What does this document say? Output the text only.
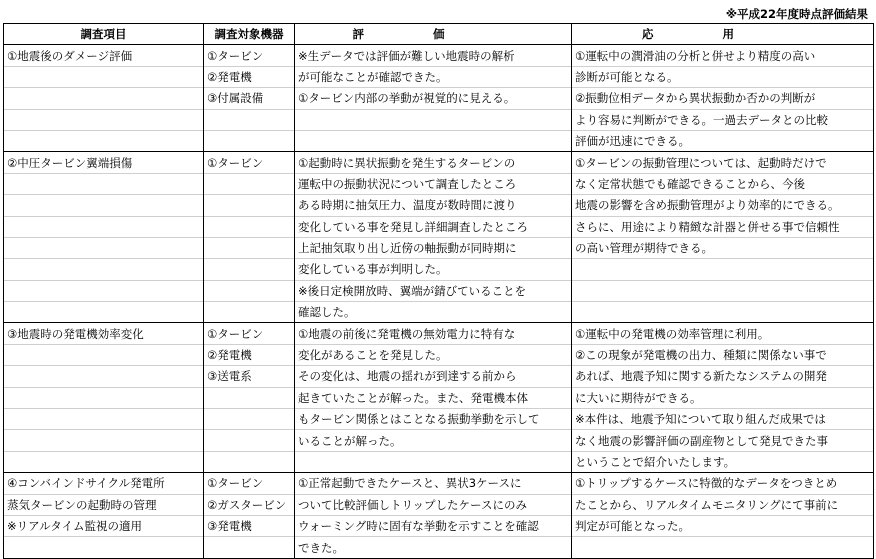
※平成22年度時点評価結果
調査項目	調査対象機器	評価	応用
①地震後のダメージ評価	①タービン	※生データでは評価が難しい地震時の解析	①運転中の潤滑油の分析と併せより精度の高い
	②発電機	が可能なことが確認できた。	診断が可能となる。
	③付属設備	①タービン内部の挙動が視覚的に見える。	②振動位相データから異状振動か否かの判断が
			より容易に判断ができる。一過去データとの比較
			評価が迅速にできる。
②中圧タービン翼端損傷	①タービン	①起動時に異状振動を発生するタービンの	①タービンの振動管理については、起動時だけで
		運転中の振動状況について調査したところ	なく定常状態でも確認できることから、今後
		ある時期に抽気圧力、温度が数時間に渡り	地震の影響を含め振動管理がより効率的にできる。
		変化している事を発見し詳細調査したところ	さらに、用途により精緻な計器と併せる事で信頼性
		上記抽気取り出し近傍の軸振動が同時期に	の高い管理が期待できる。
		変化している事が判明した。	
		※後日定検開放時、翼端が錆びていることを	
		確認した。	
③地震時の発電機効率変化	①タービン	①地震の前後に発電機の無効電力に特有な	①運転中の発電機の効率管理に利用。
	②発電機	変化があることを発見した。	②この現象が発電機の出力、種類に関係ない事で
	③送電系	その変化は、地震の揺れが到達する前から	あれば、地震予知に関する新たなシステムの開発
		起きていたことが解った。また、発電機本体	に大いに期待ができる。
		もタービン関係とはことなる振動挙動を示して	※本件は、地震予知について取り組んだ成果では
		いることが解った。	なく地震の影響評価の副産物として発見できた事
			ということで紹介いたします。
④コンバインドサイクル発電所	①タービン	①正常起動できたケースと、異状3ケースに	①トリップするケースに特徴的なデータをつきとめ
蒸気タービンの起動時の管理	②ガスタービン	ついて比較評価しトリップしたケースにのみ	たことから、リアルタイムモニタリングにて事前に
※リアルタイム監視の適用	③発電機	ウォーミング時に固有な挙動を示すことを確認	判定が可能となった。
		できた。	
